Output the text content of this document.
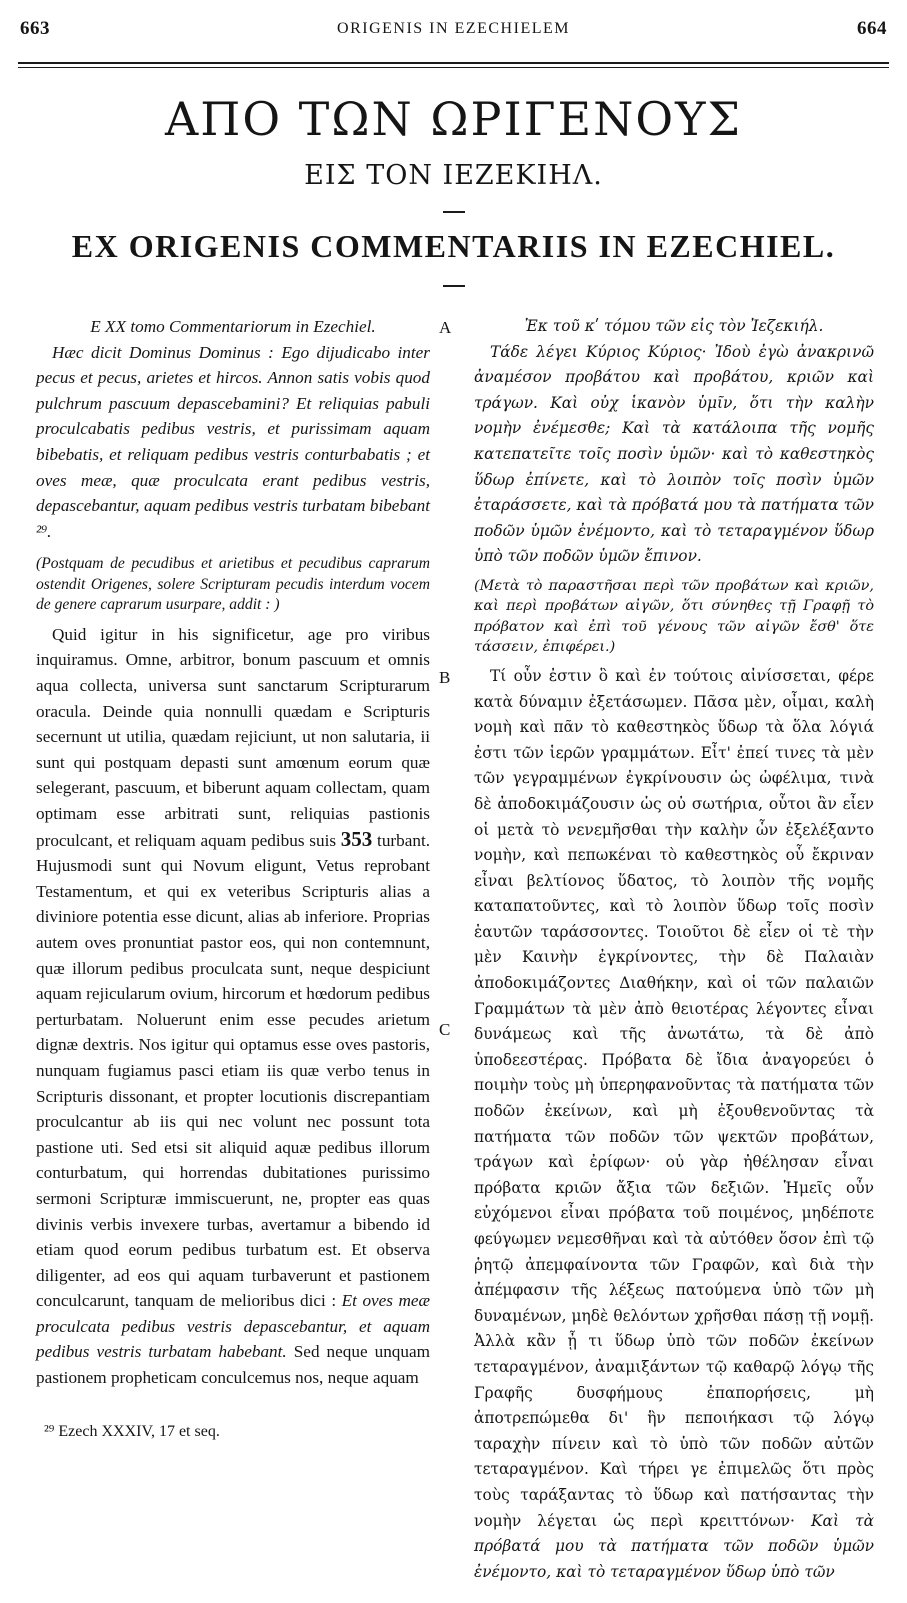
663	ORIGENIS IN EZECHIELEM	664
ΑΠΟ ΤΩΝ ΩΡΙΓΕΝΟΥΣ
ΕΙΣ ΤΟΝ ΙΕΖΕΚΙΗΛ.
EX ORIGENIS COMMENTARIIS IN EZECHIEL.

E XX tomo Commentariorum in Ezechiel.

Hæc dicit Dominus Dominus : Ego dijudicabo inter pecus et pecus, arietes et hircos. Annon satis vobis quod pulchrum pascuum depascebamini? Et reliquias pabuli proculcabatis pedibus vestris, et purissimam aquam bibebatis, et reliquam pedibus vestris conturbabatis ; et oves meæ, quæ proculcata erant pedibus vestris, depascebantur, aquam pedibus vestris turbatam bibebant ²⁹.

(Postquam de pecudibus et arietibus et pecudibus caprarum ostendit Origenes, solere Scripturam pecudis interdum vocem de genere caprarum usurpare, addit : )

Quid igitur in his significetur, age pro viribus inquiramus. Omne, arbitror, bonum pascuum et omnis aqua collecta, universa sunt sanctarum Scripturarum oracula. Deinde quia nonnulli quædam e Scripturis secernunt ut utilia, quædam rejiciunt, ut non salutaria, ii sunt qui postquam depasti sunt amœnum eorum quæ selegerant, pascuum, et biberunt aquam collectam, quam optimam esse arbitrati sunt, reliquias pastionis proculcant, et reliquam aquam pedibus suis 353 turbant. Hujusmodi sunt qui Novum eligunt, Vetus reprobant Testamentum, et qui ex veteribus Scripturis alias a diviniore potentia esse dicunt, alias ab inferiore. Proprias autem oves pronuntiat pastor eos, qui non contemnunt, quæ illorum pedibus proculcata sunt, neque despiciunt aquam rejicularum ovium, hircorum et hœdorum pedibus perturbatam. Noluerunt enim esse pecudes arietum dignæ dextris. Nos igitur qui optamus esse oves pastoris, nunquam fugiamus pasci etiam iis quæ verbo tenus in Scripturis dissonant, et propter locutionis discrepantiam proculcantur ab iis qui nec volunt nec possunt tota pastione uti. Sed etsi sit aliquid aquæ pedibus illorum conturbatum, qui horrendas dubitationes purissimo sermoni Scripturæ immiscuerunt, ne, propter eas quas divinis verbis invexere turbas, avertamur a bibendo id etiam quod eorum pedibus turbatum est. Et observa diligenter, ad eos qui aquam turbaverunt et pastionem conculcarunt, tanquam de melioribus dici : Et oves meæ proculcata pedibus vestris depascebantur, et aquam pedibus vestris turbatam habebant. Sed neque unquam pastionem propheticam conculcemus nos, neque aquam

²⁹ Ezech XXXIV, 17 et seq.
A
B
C

Ἐκ τοῦ κʹ τόμου τῶν εἰς τὸν Ἰεζεκιήλ.

Τάδε λέγει Κύριος Κύριος· Ἰδοὺ ἐγὼ ἀνακρινῶ ἀναμέσον προβάτου καὶ προβάτου, κριῶν καὶ τράγων. Καὶ οὐχ ἱκανὸν ὑμῖν, ὅτι τὴν καλὴν νομὴν ἐνέμεσθε; Καὶ τὰ κατάλοιπα τῆς νομῆς κατεπατεῖτε τοῖς ποσὶν ὑμῶν· καὶ τὸ καθεστηκὸς ὕδωρ ἐπίνετε, καὶ τὸ λοιπὸν τοῖς ποσὶν ὑμῶν ἐταράσσετε, καὶ τὰ πρόβατά μου τὰ πατήματα τῶν ποδῶν ὑμῶν ἐνέμοντο, καὶ τὸ τεταραγμένον ὕδωρ ὑπὸ τῶν ποδῶν ὑμῶν ἔπινον.

(Μετὰ τὸ παραστῆσαι περὶ τῶν προβάτων καὶ κριῶν, καὶ περὶ προβάτων αἰγῶν, ὅτι σύνηθες τῇ Γραφῇ τὸ πρόβατον καὶ ἐπὶ τοῦ γένους τῶν αἰγῶν ἔσθ' ὅτε τάσσειν, ἐπιφέρει.)

Τί οὖν ἐστιν ὃ καὶ ἐν τούτοις αἰνίσσεται, φέρε κατὰ δύναμιν ἐξετάσωμεν. Πᾶσα μὲν, οἶμαι, καλὴ νομὴ καὶ πᾶν τὸ καθεστηκὸς ὕδωρ τὰ ὅλα λόγιά ἐστι τῶν ἱερῶν γραμμάτων. Εἶτ' ἐπεί τινες τὰ μὲν τῶν γεγραμμένων ἐγκρίνουσιν ὡς ὠφέλιμα, τινὰ δὲ ἀποδοκιμάζουσιν ὡς οὐ σωτήρια, οὗτοι ἂν εἶεν οἱ μετὰ τὸ νενεμῆσθαι τὴν καλὴν ὧν ἐξελέξαντο νομὴν, καὶ πεπωκέναι τὸ καθεστηκὸς οὗ ἔκριναν εἶναι βελτίονος ὕδατος, τὸ λοιπὸν τῆς νομῆς καταπατοῦντες, καὶ τὸ λοιπὸν ὕδωρ τοῖς ποσὶν ἑαυτῶν ταράσσοντες. Τοιοῦτοι δὲ εἶεν οἱ τὲ τὴν μὲν Καινὴν ἐγκρίνοντες, τὴν δὲ Παλαιὰν ἀποδοκιμάζοντες Διαθήκην, καὶ οἱ τῶν παλαιῶν Γραμμάτων τὰ μὲν ἀπὸ θειοτέρας λέγοντες εἶναι δυνάμεως καὶ τῆς ἀνωτάτω, τὰ δὲ ἀπὸ ὑποδεεστέρας. Πρόβατα δὲ ἴδια ἀναγορεύει ὁ ποιμὴν τοὺς μὴ ὑπερηφανοῦντας τὰ πατήματα τῶν ποδῶν ἐκείνων, καὶ μὴ ἐξουθενοῦντας τὰ πατήματα τῶν ποδῶν τῶν ψεκτῶν προβάτων, τράγων καὶ ἐρίφων· οὐ γὰρ ἠθέλησαν εἶναι πρόβατα κριῶν ἄξια τῶν δεξιῶν. Ἡμεῖς οὖν εὐχόμενοι εἶναι πρόβατα τοῦ ποιμένος, μηδέποτε φεύγωμεν νεμεσθῆναι καὶ τὰ αὐτόθεν ὅσον ἐπὶ τῷ ῥητῷ ἀπεμφαίνοντα τῶν Γραφῶν, καὶ διὰ τὴν ἀπέμφασιν τῆς λέξεως πατούμενα ὑπὸ τῶν μὴ δυναμένων, μηδὲ θελόντων χρῆσθαι πάσῃ τῇ νομῇ. Ἀλλὰ κἂν ᾖ τι ὕδωρ ὑπὸ τῶν ποδῶν ἐκείνων τεταραγμένον, ἀναμιξάντων τῷ καθαρῷ λόγῳ τῆς Γραφῆς δυσφήμους ἐπαπορήσεις, μὴ ἀποτρεπώμεθα δι' ἣν πεποιήκασι τῷ λόγῳ ταραχὴν πίνειν καὶ τὸ ὑπὸ τῶν ποδῶν αὐτῶν τεταραγμένον. Καὶ τήρει γε ἐπιμελῶς ὅτι πρὸς τοὺς ταράξαντας τὸ ὕδωρ καὶ πατήσαντας τὴν νομὴν λέγεται ὡς περὶ κρειττόνων· Καὶ τὰ πρόβατά μου τὰ πατήματα τῶν ποδῶν ὑμῶν ἐνέμοντο, καὶ τὸ τεταραγμένον ὕδωρ ὑπὸ τῶν
